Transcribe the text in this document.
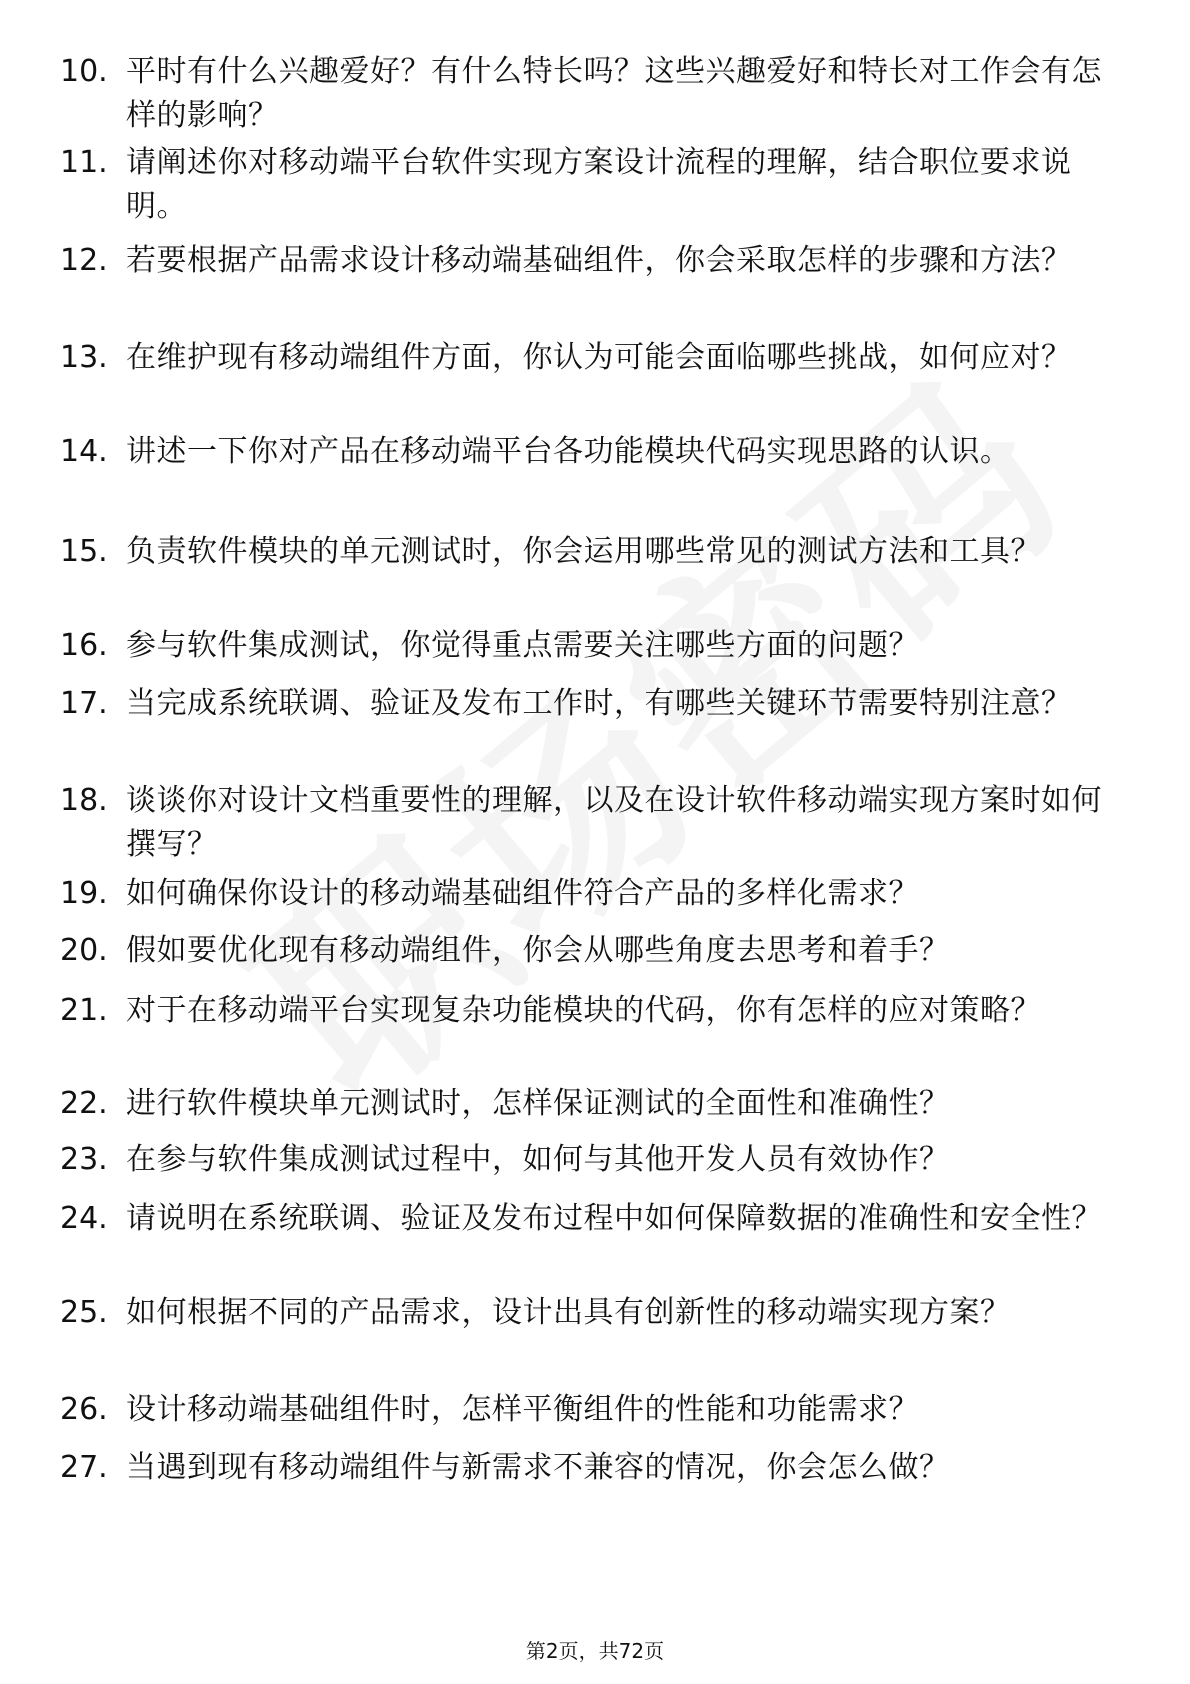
10. 平时有什么兴趣爱好？有什么特长吗？这些兴趣爱好和特长对工作会有怎样的影响？
11. 请阐述你对移动端平台软件实现方案设计流程的理解，结合职位要求说明。
12. 若要根据产品需求设计移动端基础组件，你会采取怎样的步骤和方法？
13. 在维护现有移动端组件方面，你认为可能会面临哪些挑战，如何应对？
14. 讲述一下你对产品在移动端平台各功能模块代码实现思路的认识。
15. 负责软件模块的单元测试时，你会运用哪些常见的测试方法和工具？
16. 参与软件集成测试，你觉得重点需要关注哪些方面的问题？
17. 当完成系统联调、验证及发布工作时，有哪些关键环节需要特别注意？
18. 谈谈你对设计文档重要性的理解，以及在设计软件移动端实现方案时如何撰写？
19. 如何确保你设计的移动端基础组件符合产品的多样化需求？
20. 假如要优化现有移动端组件，你会从哪些角度去思考和着手？
21. 对于在移动端平台实现复杂功能模块的代码，你有怎样的应对策略？
22. 进行软件模块单元测试时，怎样保证测试的全面性和准确性？
23. 在参与软件集成测试过程中，如何与其他开发人员有效协作？
24. 请说明在系统联调、验证及发布过程中如何保障数据的准确性和安全性？
25. 如何根据不同的产品需求，设计出具有创新性的移动端实现方案？
26. 设计移动端基础组件时，怎样平衡组件的性能和功能需求？
27. 当遇到现有移动端组件与新需求不兼容的情况，你会怎么做？
第2页，共72页
